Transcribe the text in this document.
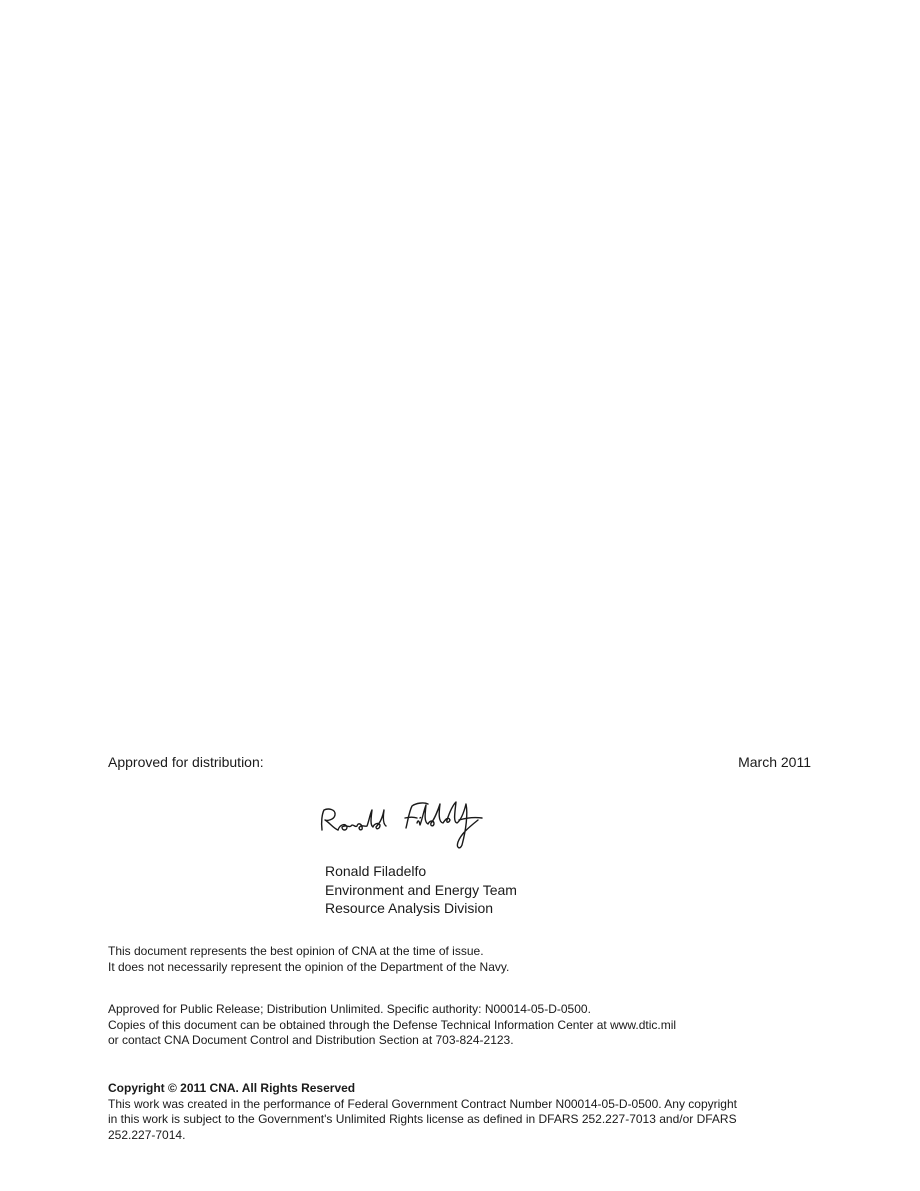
Approved for distribution:	March 2011
Ronald Filadelfo
Environment and Energy Team
Resource Analysis Division
This document represents the best opinion of CNA at the time of issue.
It does not necessarily represent the opinion of the Department of the Navy.
Approved for Public Release; Distribution Unlimited. Specific authority: N00014-05-D-0500.
Copies of this document can be obtained through the Defense Technical Information Center at www.dtic.mil
or contact CNA Document Control and Distribution Section at 703-824-2123.
Copyright © 2011 CNA. All Rights Reserved
This work was created in the performance of Federal Government Contract Number N00014-05-D-0500. Any copyright
in this work is subject to the Government's Unlimited Rights license as defined in DFARS 252.227-7013 and/or DFARS
252.227-7014.
